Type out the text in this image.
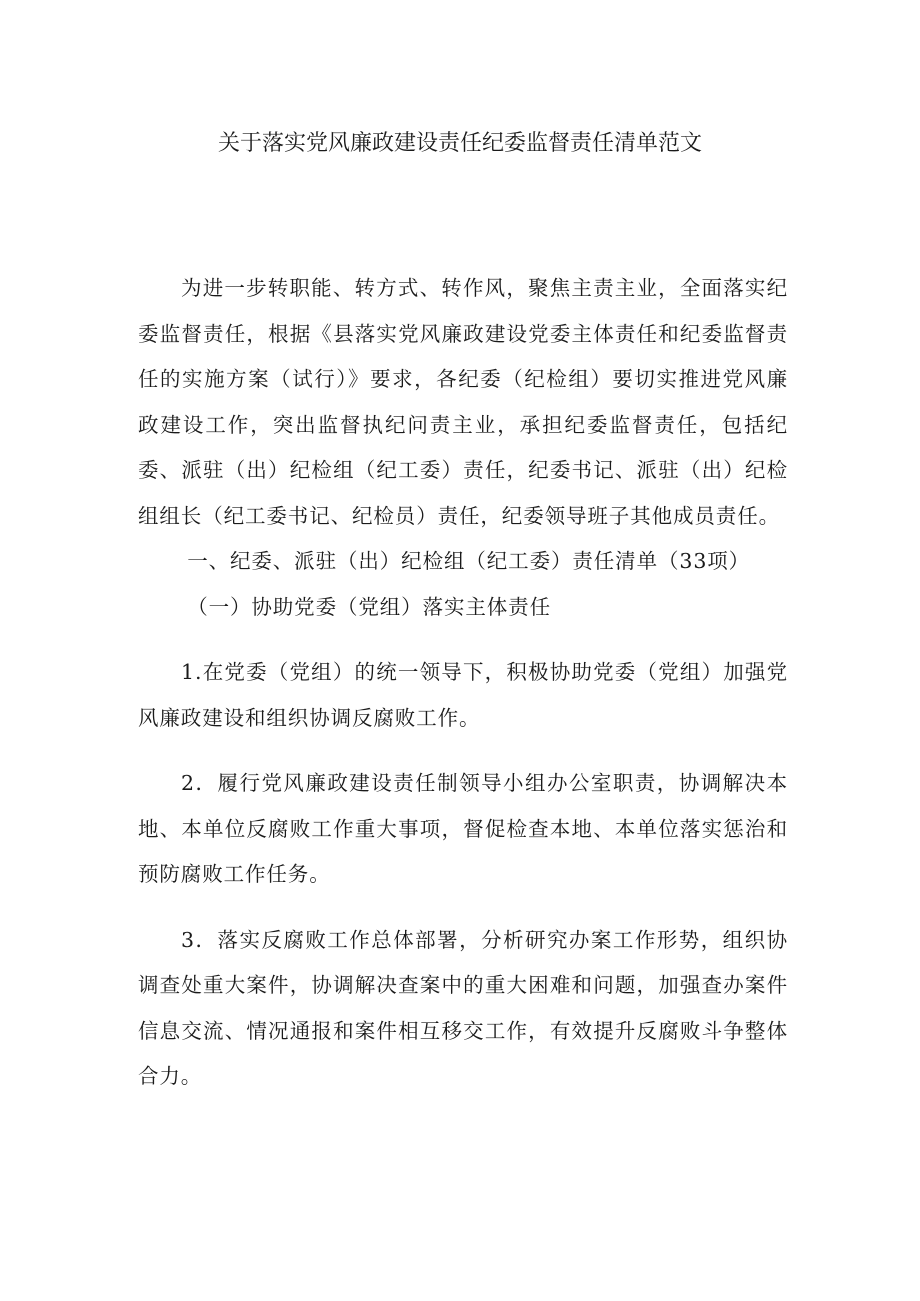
关于落实党风廉政建设责任纪委监督责任清单范文

为进一步转职能、转方式、转作风，聚焦主责主业，全面落实纪委监督责任，根据《县落实党风廉政建设党委主体责任和纪委监督责任的实施方案（试行）》要求，各纪委（纪检组）要切实推进党风廉政建设工作，突出监督执纪问责主业，承担纪委监督责任，包括纪委、派驻（出）纪检组（纪工委）责任，纪委书记、派驻（出）纪检组组长（纪工委书记、纪检员）责任，纪委领导班子其他成员责任。

一、纪委、派驻（出）纪检组（纪工委）责任清单（33项）

（一）协助党委（党组）落实主体责任

1.在党委（党组）的统一领导下，积极协助党委（党组）加强党风廉政建设和组织协调反腐败工作。

2．履行党风廉政建设责任制领导小组办公室职责，协调解决本地、本单位反腐败工作重大事项，督促检查本地、本单位落实惩治和预防腐败工作任务。

3．落实反腐败工作总体部署，分析研究办案工作形势，组织协调查处重大案件，协调解决查案中的重大困难和问题，加强查办案件信息交流、情况通报和案件相互移交工作，有效提升反腐败斗争整体合力。
